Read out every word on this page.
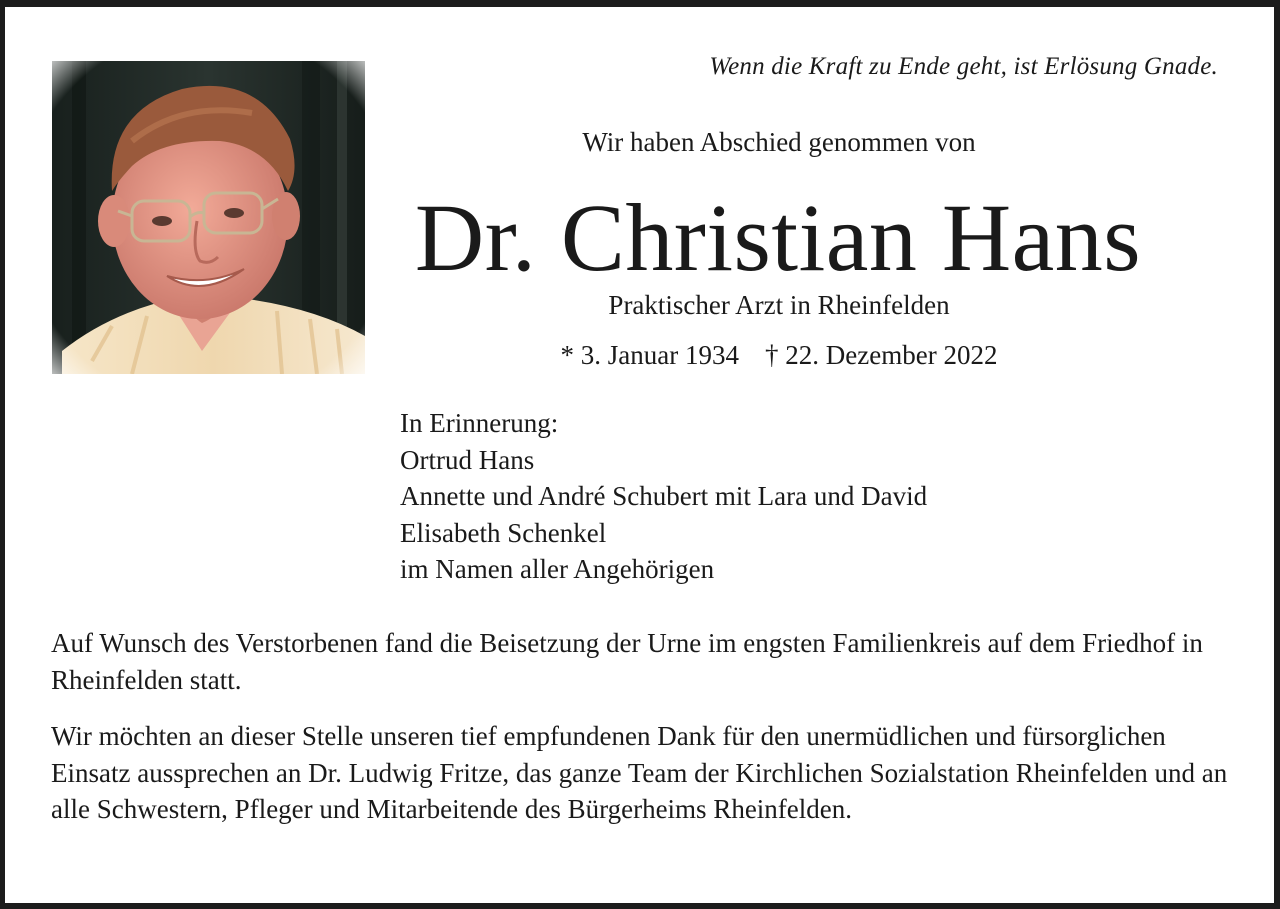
Wenn die Kraft zu Ende geht, ist Erlösung Gnade.
Wir haben Abschied genommen von
Dr. Christian Hans
Praktischer Arzt in Rheinfelden
* 3. Januar 1934 † 22. Dezember 2022
In Erinnerung:
Ortrud Hans
Annette und André Schubert mit Lara und David
Elisabeth Schenkel
im Namen aller Angehörigen
Auf Wunsch des Verstorbenen fand die Beisetzung der Urne im engsten Familienkreis auf dem Friedhof in Rheinfelden statt.
Wir möchten an dieser Stelle unseren tief empfundenen Dank für den unermüdlichen und fürsorglichen Einsatz aussprechen an Dr. Ludwig Fritze, das ganze Team der Kirchlichen Sozialstation Rheinfelden und an alle Schwestern, Pfleger und Mitarbeitende des Bürgerheims Rheinfelden.
